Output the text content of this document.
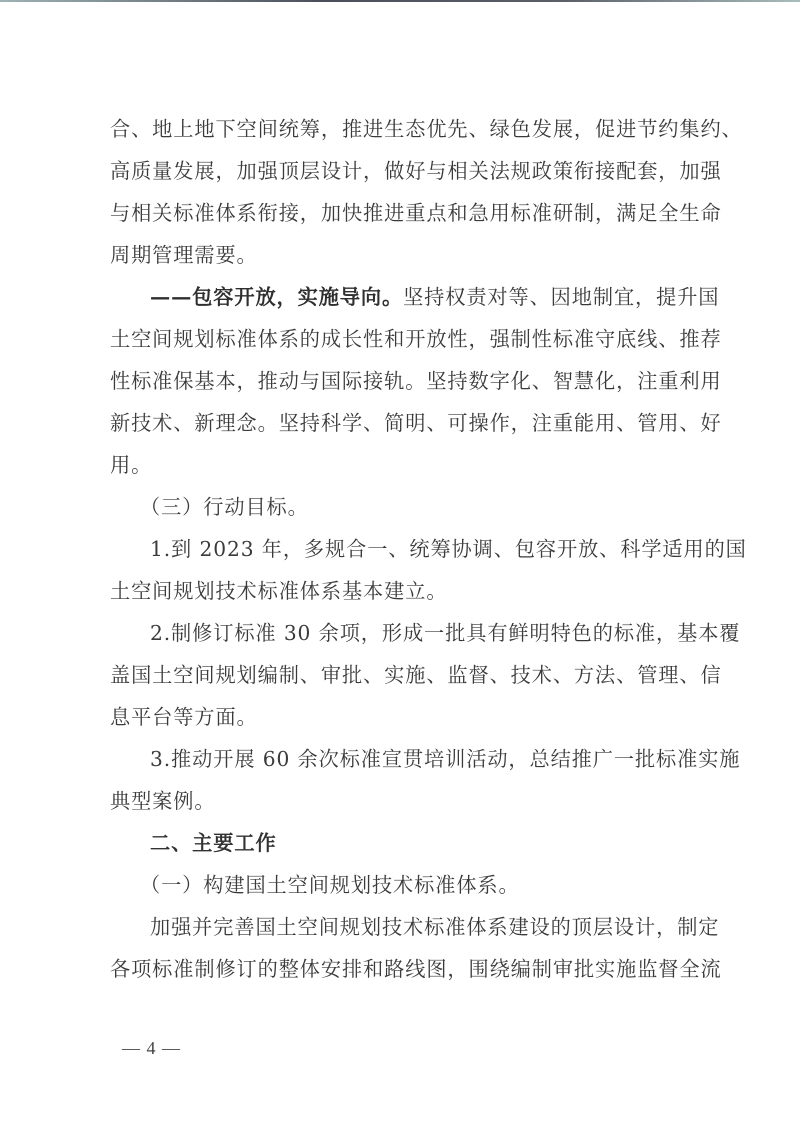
合、地上地下空间统筹，推进生态优先、绿色发展，促进节约集约、
高质量发展，加强顶层设计，做好与相关法规政策衔接配套，加强
与相关标准体系衔接，加快推进重点和急用标准研制，满足全生命
周期管理需要。
——包容开放，实施导向。坚持权责对等、因地制宜，提升国
土空间规划标准体系的成长性和开放性，强制性标准守底线、推荐
性标准保基本，推动与国际接轨。坚持数字化、智慧化，注重利用
新技术、新理念。坚持科学、简明、可操作，注重能用、管用、好
用。
（三）行动目标。
1.到 2023 年，多规合一、统筹协调、包容开放、科学适用的国
土空间规划技术标准体系基本建立。
2.制修订标准 30 余项，形成一批具有鲜明特色的标准，基本覆
盖国土空间规划编制、审批、实施、监督、技术、方法、管理、信
息平台等方面。
3.推动开展 60 余次标准宣贯培训活动，总结推广一批标准实施
典型案例。
二、主要工作
（一）构建国土空间规划技术标准体系。
加强并完善国土空间规划技术标准体系建设的顶层设计，制定
各项标准制修订的整体安排和路线图，围绕编制审批实施监督全流
— 4 —
